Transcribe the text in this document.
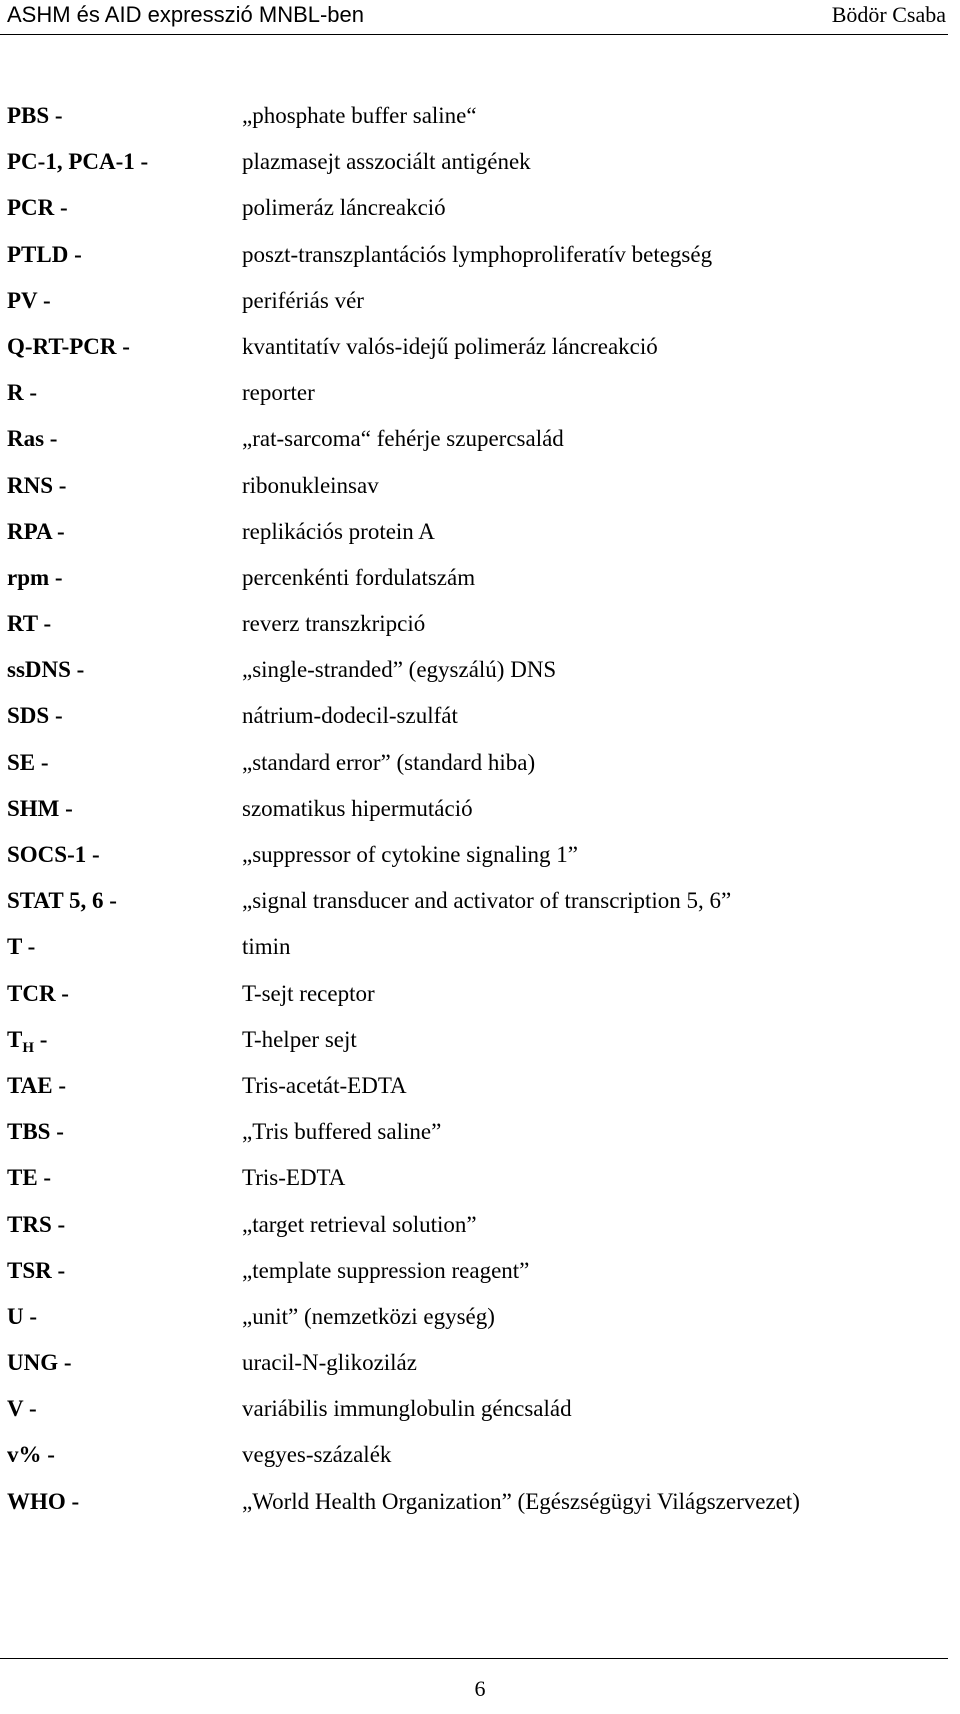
ASHM és AID expresszió MNBL-ben	Bödör Csaba
PBS -	„phosphate buffer saline“
PC-1, PCA-1 -	plazmasejt asszociált antigének
PCR -	polimeráz láncreakció
PTLD -	poszt-transzplantációs lymphoproliferatív betegség
PV -	perifériás vér
Q-RT-PCR -	kvantitatív valós-idejű polimeráz láncreakció
R -	reporter
Ras -	„rat-sarcoma“ fehérje szupercsalád
RNS -	ribonukleinsav
RPA -	replikációs protein A
rpm -	percenkénti fordulatszám
RT -	reverz transzkripció
ssDNS -	„single-stranded” (egyszálú) DNS
SDS -	nátrium-dodecil-szulfát
SE -	„standard error” (standard hiba)
SHM -	szomatikus hipermutáció
SOCS-1 -	„suppressor of cytokine signaling 1”
STAT 5, 6 -	„signal transducer and activator of transcription 5, 6”
T -	timin
TCR -	T-sejt receptor
$T_H$ -	T-helper sejt
TAE -	Tris-acetát-EDTA
TBS -	„Tris buffered saline”
TE -	Tris-EDTA
TRS -	„target retrieval solution”
TSR -	„template suppression reagent”
U -	„unit” (nemzetközi egység)
UNG -	uracil-N-glikoziláz
V -	variábilis immunglobulin géncsalád
v% -	vegyes-százalék
WHO -	„World Health Organization” (Egészségügyi Világszervezet)
6
